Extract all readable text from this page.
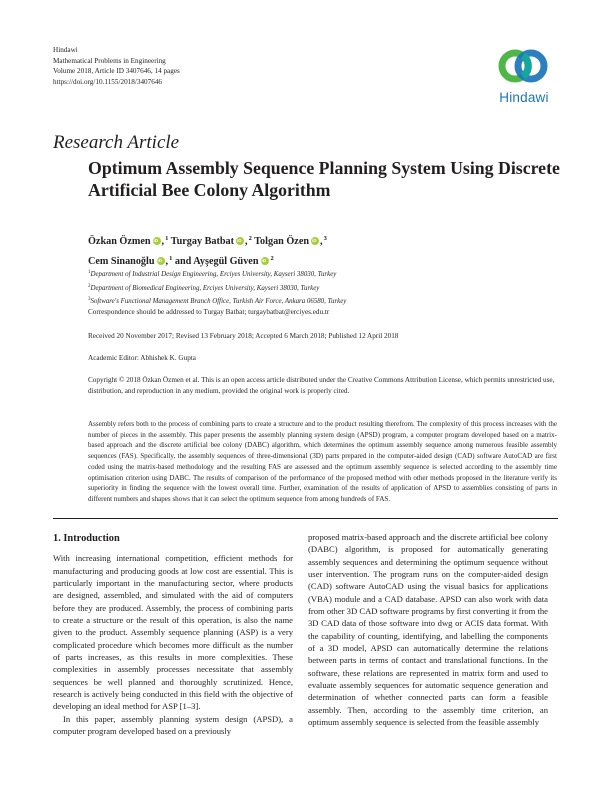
Hindawi
Mathematical Problems in Engineering
Volume 2018, Article ID 3407646, 14 pages
https://doi.org/10.1155/2018/3407646
Hindawi
Research Article
Optimum Assembly Sequence Planning System Using Discrete Artificial Bee Colony Algorithm
Özkan Özmen iD ,$^1$ Turgay Batbat iD ,$^2$ Tolgan Özen iD ,$^3$
Cem Sinanoğlu iD ,$^1$ and Ayşegül Güven iD $^2$
$^1$Department of Industrial Design Engineering, Erciyes University, Kayseri 38030, Turkey
$^2$Department of Biomedical Engineering, Erciyes University, Kayseri 38030, Turkey
$^3$Software's Functional Management Branch Office, Turkish Air Force, Ankara 06580, Turkey
Correspondence should be addressed to Turgay Batbat; turgaybatbat@erciyes.edu.tr
Received 20 November 2017; Revised 13 February 2018; Accepted 6 March 2018; Published 12 April 2018
Academic Editor: Abhishek K. Gupta
Copyright © 2018 Özkan Özmen et al. This is an open access article distributed under the Creative Commons Attribution License, which permits unrestricted use, distribution, and reproduction in any medium, provided the original work is properly cited.
Assembly refers both to the process of combining parts to create a structure and to the product resulting therefrom. The complexity of this process increases with the number of pieces in the assembly. This paper presents the assembly planning system design (APSD) program, a computer program developed based on a matrix-based approach and the discrete artificial bee colony (DABC) algorithm, which determines the optimum assembly sequence among numerous feasible assembly sequences (FAS). Specifically, the assembly sequences of three-dimensional (3D) parts prepared in the computer-aided design (CAD) software AutoCAD are first coded using the matrix-based methodology and the resulting FAS are assessed and the optimum assembly sequence is selected according to the assembly time optimisation criterion using DABC. The results of comparison of the performance of the proposed method with other methods proposed in the literature verify its superiority in finding the sequence with the lowest overall time. Further, examination of the results of application of APSD to assemblies consisting of parts in different numbers and shapes shows that it can select the optimum sequence from among hundreds of FAS.
1. Introduction

With increasing international competition, efficient methods for manufacturing and producing goods at low cost are essential. This is particularly important in the manufacturing sector, where products are designed, assembled, and simulated with the aid of computers before they are produced. Assembly, the process of combining parts to create a structure or the result of this operation, is also the name given to the product. Assembly sequence planning (ASP) is a very complicated procedure which becomes more difficult as the number of parts increases, as this results in more complexities. These complexities in assembly processes necessitate that assembly sequences be well planned and thoroughly scrutinized. Hence, research is actively being conducted in this field with the objective of developing an ideal method for ASP [1–3].

In this paper, assembly planning system design (APSD), a computer program developed based on a previously

proposed matrix-based approach and the discrete artificial bee colony (DABC) algorithm, is proposed for automatically generating assembly sequences and determining the optimum sequence without user intervention. The program runs on the computer-aided design (CAD) software AutoCAD using the visual basics for applications (VBA) module and a CAD database. APSD can also work with data from other 3D CAD software programs by first converting it from the 3D CAD data of those software into dwg or ACIS data format. With the capability of counting, identifying, and labelling the components of a 3D model, APSD can automatically determine the relations between parts in terms of contact and translational functions. In the software, these relations are represented in matrix form and used to evaluate assembly sequences for automatic sequence generation and determination of whether connected parts can form a feasible assembly. Then, according to the assembly time criterion, an optimum assembly sequence is selected from the feasible assembly
